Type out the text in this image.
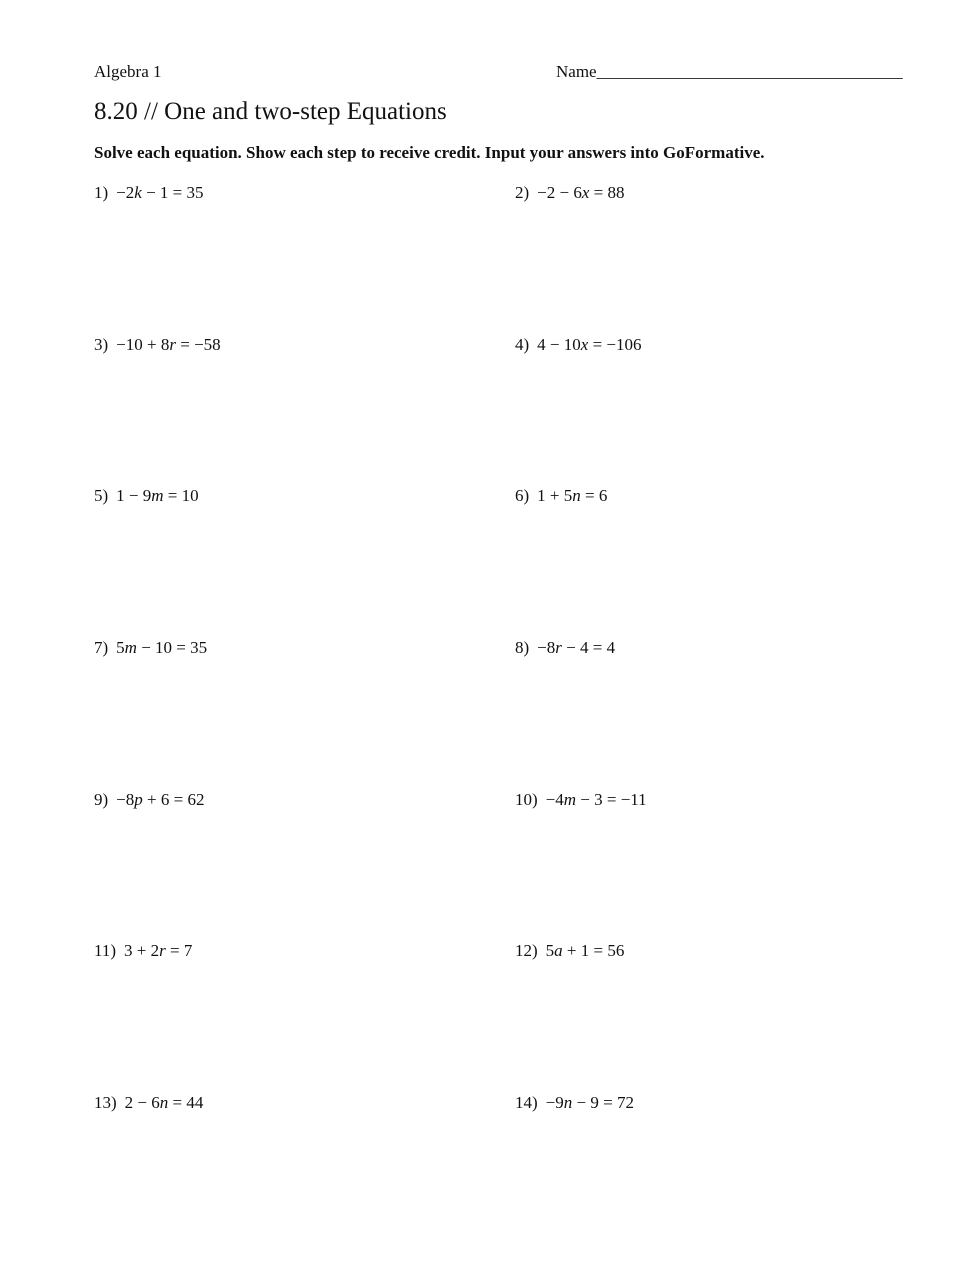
Algebra 1	Name____________________________________
8.20 // One and two-step Equations
Solve each equation. Show each step to receive credit. Input your answers into GoFormative.
1) −2k − 1 = 35	2) −2 − 6x = 88
3) −10 + 8r = −58	4) 4 − 10x = −106
5) 1 − 9m = 10	6) 1 + 5n = 6
7) 5m − 10 = 35	8) −8r − 4 = 4
9) −8p + 6 = 62	10) −4m − 3 = −11
11) 3 + 2r = 7	12) 5a + 1 = 56
13) 2 − 6n = 44	14) −9n − 9 = 72
